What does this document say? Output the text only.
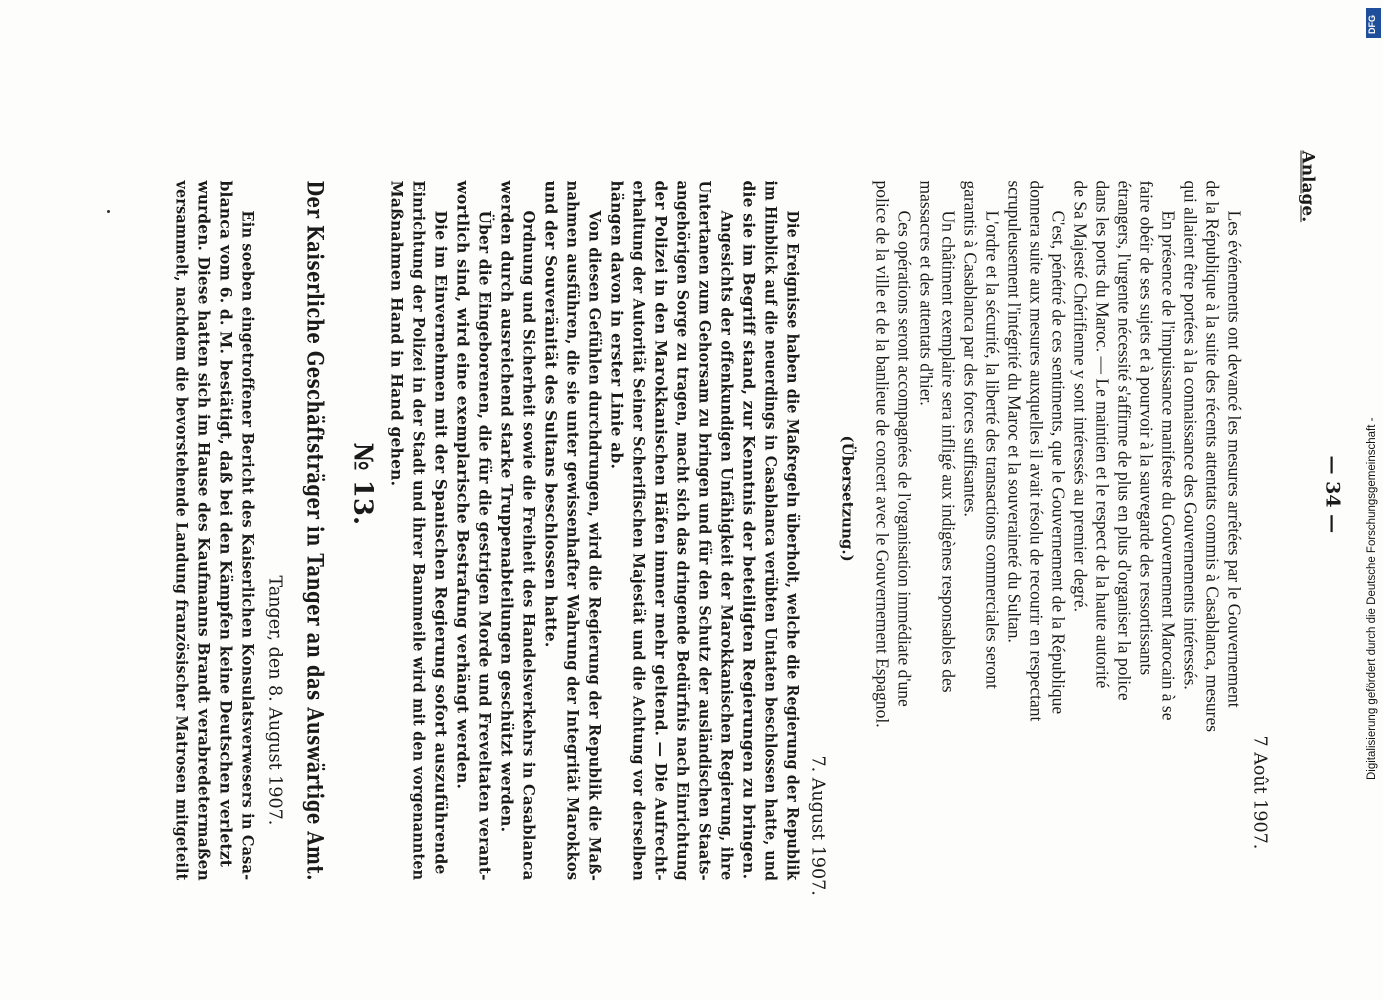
— 34 —
Anlage.
7 Août 1907.
Les événements ont devancé les mesures arrêtées par le Gouvernement
de la République à la suite des récents attentats commis à Casablanca, mesures
qui allaient être portées à la connaissance des Gouvernements intéressés.
En présence de l'impuissance manifeste du Gouvernement Marocain à se
faire obéir de ses sujets et à pourvoir à la sauvegarde des ressortissants
étrangers, l'urgente nécessité s'affirme de plus en plus d'organiser la police
dans les ports du Maroc. — Le maintien et le respect de la haute autorité
de Sa Majesté Chérifienne y sont intéressés au premier degré.
C'est, pénétré de ces sentiments, que le Gouvernement de la République
donnera suite aux mesures auxquelles il avait résolu de recourir en respectant
scrupuleusement l'intégrité du Maroc et la souveraineté du Sultan.
L'ordre et la sécurité, la liberté des transactions commerciales seront
garantis à Casablanca par des forces suffisantes.
Un châtiment exemplaire sera infligé aux indigènes responsables des
massacres et des attentats d'hier.
Ces opérations seront accompagnées de l'organisation immédiate d'une
police de la ville et de la banlieue de concert avec le Gouvernement Espagnol.
(Übersetzung.)
7. August 1907.
Die Ereignisse haben die Maßregeln überholt, welche die Regierung der Republik
im Hinblick auf die neuerdings in Casablanca verübten Untaten beschlossen hatte, und
die sie im Begriff stand, zur Kenntnis der beteiligten Regierungen zu bringen.
Angesichts der offenkundigen Unfähigkeit der Marokkanischen Regierung, ihre
Untertanen zum Gehorsam zu bringen und für den Schutz der ausländischen Staats-
angehörigen Sorge zu tragen, macht sich das dringende Bedürfnis nach Einrichtung
der Polizei in den Marokkanischen Häfen immer mehr geltend. — Die Aufrecht-
erhaltung der Autorität Seiner Scherifischen Majestät und die Achtung vor derselben
hängen davon in erster Linie ab.
Von diesen Gefühlen durchdrungen, wird die Regierung der Republik die Maß-
nahmen ausführen, die sie unter gewissenhafter Wahrung der Integrität Marokkos
und der Souveränität des Sultans beschlossen hatte.
Ordnung und Sicherheit sowie die Freiheit des Handelsverkehrs in Casablanca
werden durch ausreichend starke Truppenabteilungen geschützt werden.
Über die Eingeborenen, die für die gestrigen Morde und Freveltaten verant-
wortlich sind, wird eine exemplarische Bestrafung verhängt werden.
Die im Einvernehmen mit der Spanischen Regierung sofort auszuführende
Einrichtung der Polizei in der Stadt und ihrer Bannmeile wird mit den vorgenannten
Maßnahmen Hand in Hand gehen.
№ 13.
Der Kaiserliche Geschäftsträger in Tanger an das Auswärtige Amt.
Tanger, den 8. August 1907.
Ein soeben eingetroffener Bericht des Kaiserlichen Konsulatsverwesers in Casa-
blanca vom 6. d. M. bestätigt, daß bei den Kämpfen keine Deutschen verletzt
wurden. Diese hatten sich im Hause des Kaufmanns Brandt verabredetermaßen
versammelt, nachdem die bevorstehende Landung französischer Matrosen mitgeteilt	Digitalisierung gefördert durch die Deutsche Forschungsgemeinschaft -
DFG
